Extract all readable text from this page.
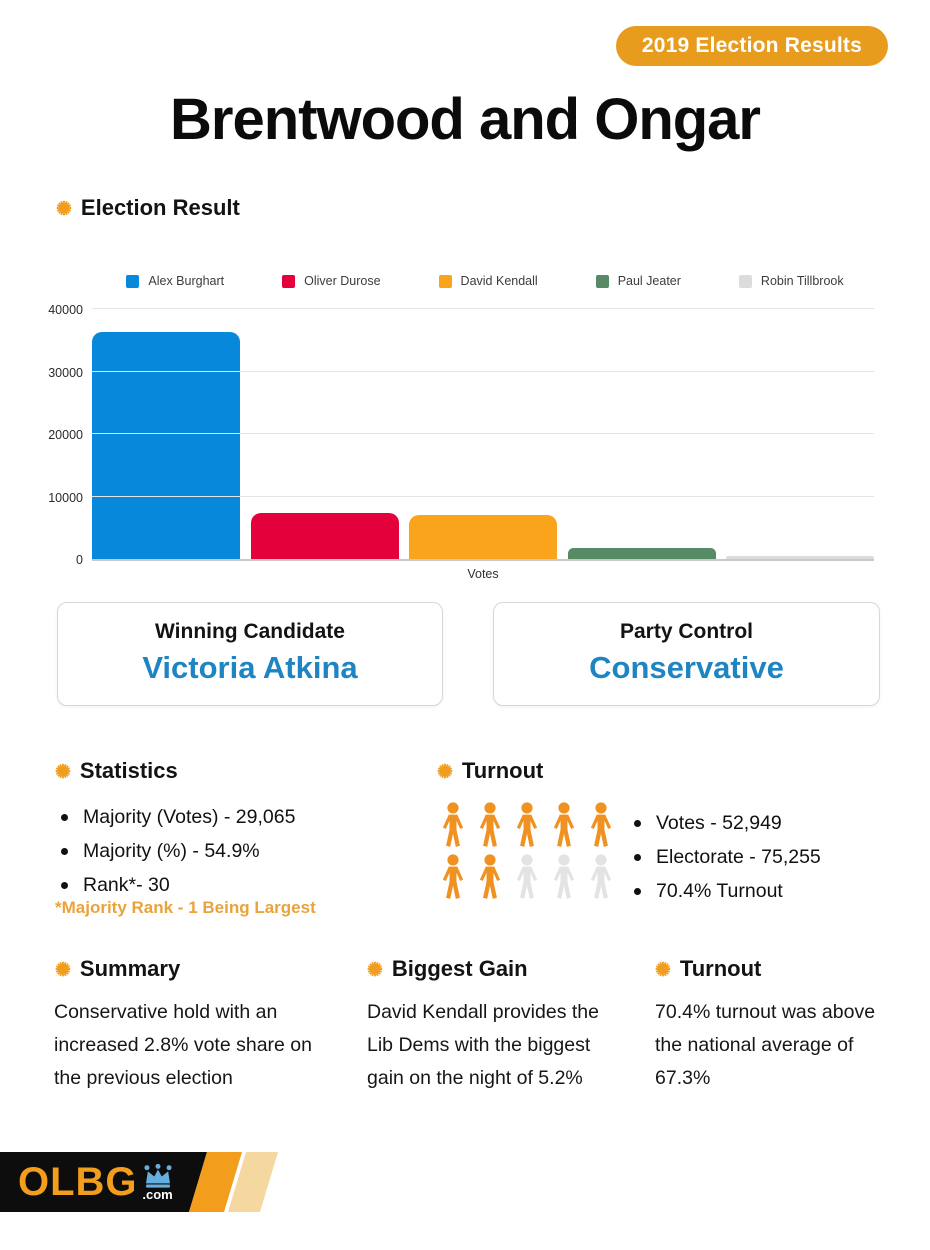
2019 Election Results
Brentwood and Ongar
✺ Election Result
Alex Burghart	Oliver Durose	David Kendall	Paul Jeater	Robin Tillbrook
0
10000
20000
30000
40000
Votes
Winning Candidate
Victoria Atkina
Party Control
Conservative
✺ Statistics
Majority (Votes) - 29,065
Majority (%) - 54.9%
Rank*- 30
*Majority Rank - 1 Being Largest
✺ Turnout
Votes - 52,949
Electorate - 75,255
70.4% Turnout
✺ Summary

Conservative hold with an increased 2.8% vote share on the previous election

✺ Biggest Gain

David Kendall provides the Lib Dems with the biggest gain on the night of 5.2%

✺ Turnout

70.4% turnout was above the national average of 67.3%

OLBG .com
